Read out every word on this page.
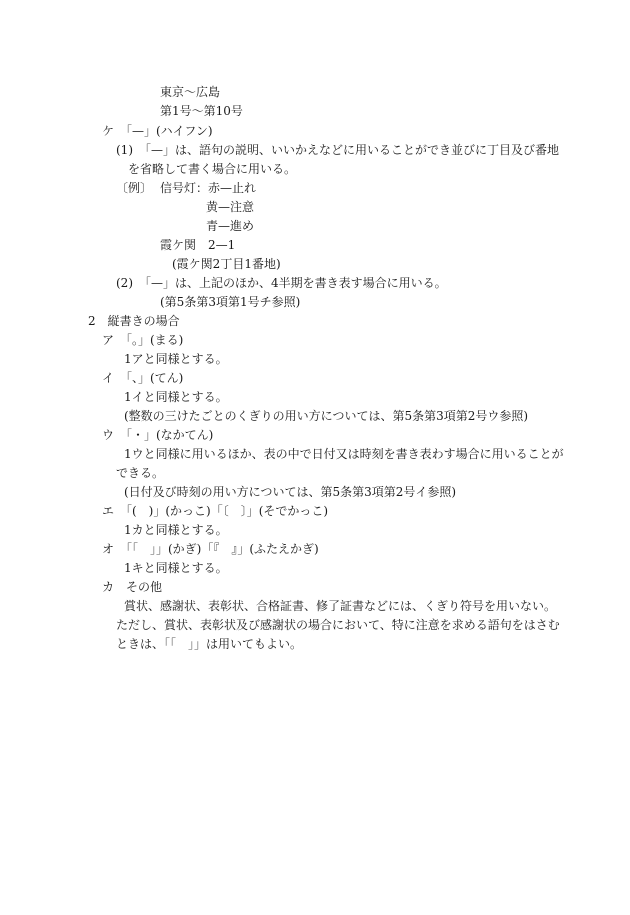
東京〜広島
第1号〜第10号
ケ　「—」(ハイフン)
(1)　「—」は、語句の説明、いいかえなどに用いることができ並びに丁目及び番地
を省略して書く場合に用いる。
〔例〕 信号灯：赤—止れ
黄—注意
青—進め
霞ケ関　2—1
(霞ケ関2丁目1番地)
(2)　「—」は、上記のほか、4半期を書き表す場合に用いる。
(第5条第3項第1号チ参照)
2　縦書きの場合
ア　「。」(まる)
1アと同様とする。
イ　「、」(てん)
1イと同様とする。
(整数の三けたごとのくぎりの用い方については、第5条第3項第2号ウ参照)
ウ　「・」(なかてん)
1ウと同様に用いるほか、表の中で日付又は時刻を書き表わす場合に用いることが
できる。
(日付及び時刻の用い方については、第5条第3項第2号イ参照)
エ　「(　)」(かっこ)「〔　〕」(そでかっこ)
1カと同様とする。
オ　「「　」」(かぎ)「『　』」(ふたえかぎ)
1キと同様とする。
カ　その他
賞状、感謝状、表彰状、合格証書、修了証書などには、くぎり符号を用いない。
ただし、賞状、表彰状及び感謝状の場合において、特に注意を求める語句をはさむ
ときは、「「　」」は用いてもよい。
